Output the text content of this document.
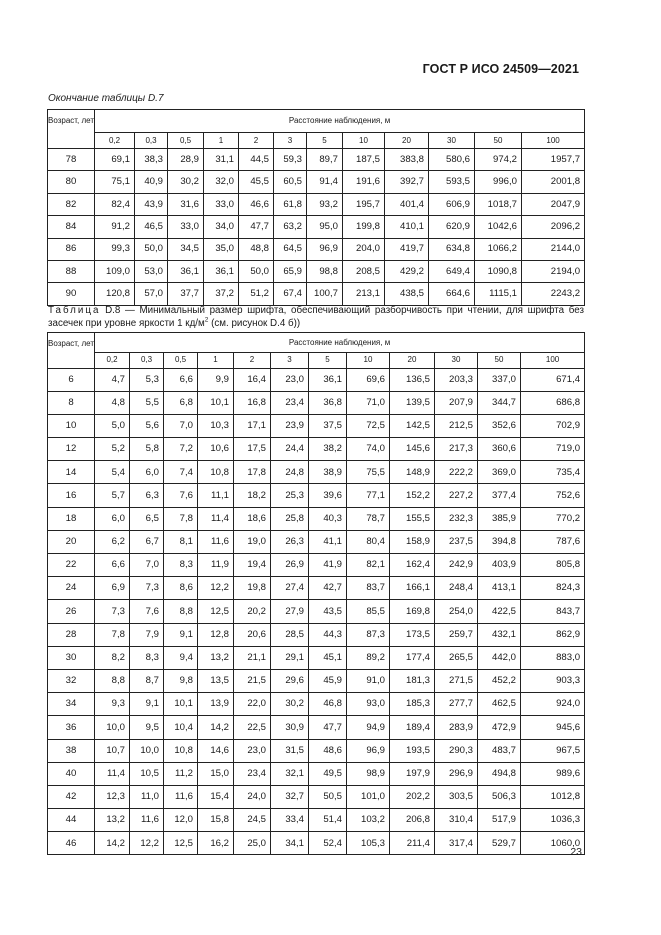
ГОСТ Р ИСО 24509—2021
Окончание таблицы D.7
Возраст, лет	Расстояние наблюдения, м											
	0,2	0,3	0,5	1	2	3	5	10	20	30	50	100
78	69,1	38,3	28,9	31,1	44,5	59,3	89,7	187,5	383,8	580,6	974,2	1957,7
80	75,1	40,9	30,2	32,0	45,5	60,5	91,4	191,6	392,7	593,5	996,0	2001,8
82	82,4	43,9	31,6	33,0	46,6	61,8	93,2	195,7	401,4	606,9	1018,7	2047,9
84	91,2	46,5	33,0	34,0	47,7	63,2	95,0	199,8	410,1	620,9	1042,6	2096,2
86	99,3	50,0	34,5	35,0	48,8	64,5	96,9	204,0	419,7	634,8	1066,2	2144,0
88	109,0	53,0	36,1	36,1	50,0	65,9	98,8	208,5	429,2	649,4	1090,8	2194,0
90	120,8	57,0	37,7	37,2	51,2	67,4	100,7	213,1	438,5	664,6	1115,1	2243,2
Таблица D.8 — Минимальный размер шрифта, обеспечивающий разборчивость при чтении, для шрифта без засечек при уровне яркости 1 $кд/м^2$ (см. рисунок D.4 б))
Возраст, лет	Расстояние наблюдения, м											
	0,2	0,3	0,5	1	2	3	5	10	20	30	50	100
6	4,7	5,3	6,6	9,9	16,4	23,0	36,1	69,6	136,5	203,3	337,0	671,4
8	4,8	5,5	6,8	10,1	16,8	23,4	36,8	71,0	139,5	207,9	344,7	686,8
10	5,0	5,6	7,0	10,3	17,1	23,9	37,5	72,5	142,5	212,5	352,6	702,9
12	5,2	5,8	7,2	10,6	17,5	24,4	38,2	74,0	145,6	217,3	360,6	719,0
14	5,4	6,0	7,4	10,8	17,8	24,8	38,9	75,5	148,9	222,2	369,0	735,4
16	5,7	6,3	7,6	11,1	18,2	25,3	39,6	77,1	152,2	227,2	377,4	752,6
18	6,0	6,5	7,8	11,4	18,6	25,8	40,3	78,7	155,5	232,3	385,9	770,2
20	6,2	6,7	8,1	11,6	19,0	26,3	41,1	80,4	158,9	237,5	394,8	787,6
22	6,6	7,0	8,3	11,9	19,4	26,9	41,9	82,1	162,4	242,9	403,9	805,8
24	6,9	7,3	8,6	12,2	19,8	27,4	42,7	83,7	166,1	248,4	413,1	824,3
26	7,3	7,6	8,8	12,5	20,2	27,9	43,5	85,5	169,8	254,0	422,5	843,7
28	7,8	7,9	9,1	12,8	20,6	28,5	44,3	87,3	173,5	259,7	432,1	862,9
30	8,2	8,3	9,4	13,2	21,1	29,1	45,1	89,2	177,4	265,5	442,0	883,0
32	8,8	8,7	9,8	13,5	21,5	29,6	45,9	91,0	181,3	271,5	452,2	903,3
34	9,3	9,1	10,1	13,9	22,0	30,2	46,8	93,0	185,3	277,7	462,5	924,0
36	10,0	9,5	10,4	14,2	22,5	30,9	47,7	94,9	189,4	283,9	472,9	945,6
38	10,7	10,0	10,8	14,6	23,0	31,5	48,6	96,9	193,5	290,3	483,7	967,5
40	11,4	10,5	11,2	15,0	23,4	32,1	49,5	98,9	197,9	296,9	494,8	989,6
42	12,3	11,0	11,6	15,4	24,0	32,7	50,5	101,0	202,2	303,5	506,3	1012,8
44	13,2	11,6	12,0	15,8	24,5	33,4	51,4	103,2	206,8	310,4	517,9	1036,3
46	14,2	12,2	12,5	16,2	25,0	34,1	52,4	105,3	211,4	317,4	529,7	1060,0
23
